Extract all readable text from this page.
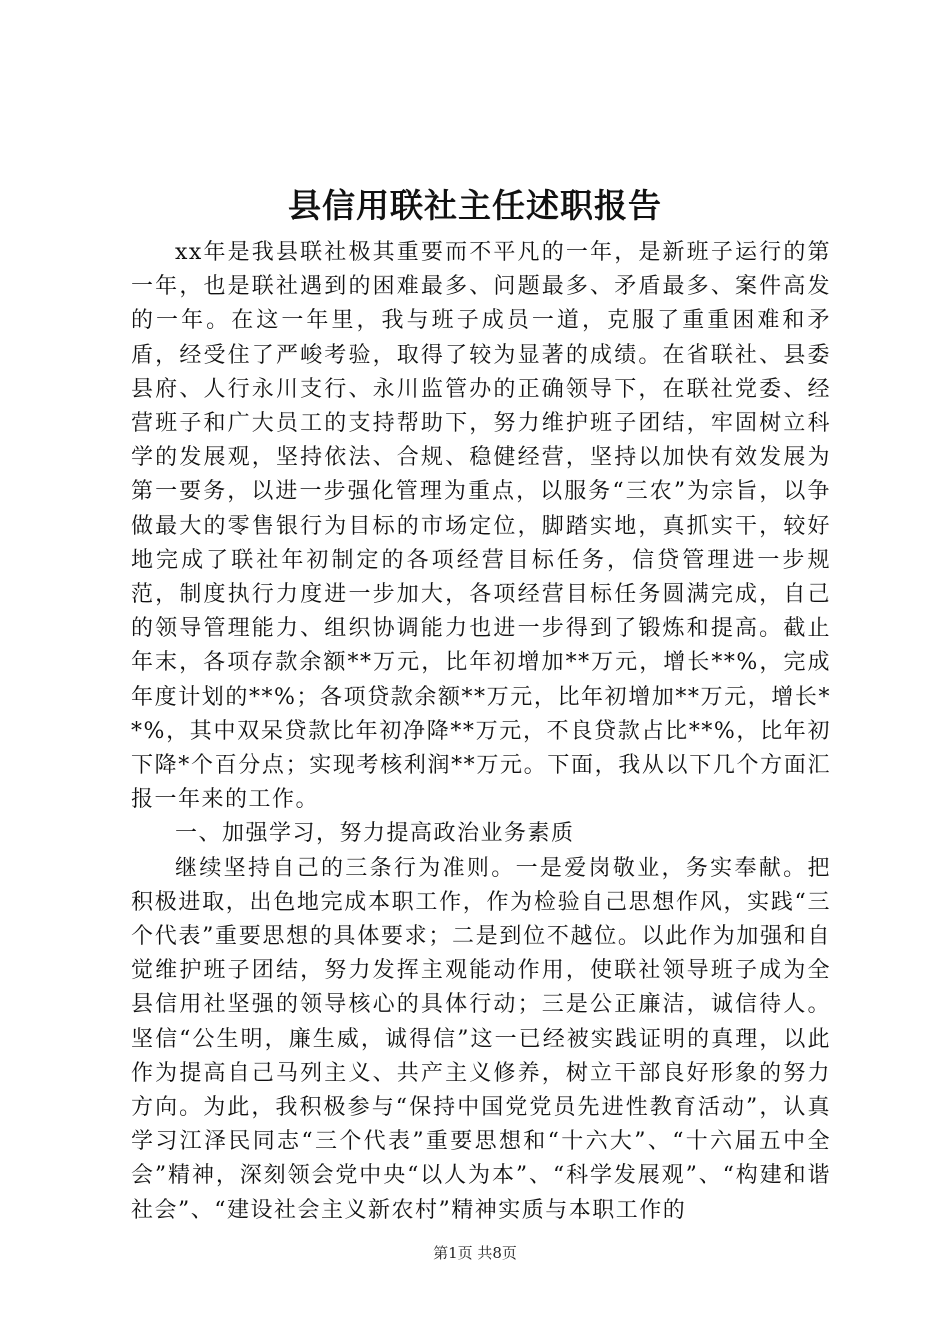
县信用联社主任述职报告

xx年是我县联社极其重要而不平凡的一年，是新班子运行的第一年，也是联社遇到的困难最多、问题最多、矛盾最多、案件高发的一年。在这一年里，我与班子成员一道，克服了重重困难和矛盾，经受住了严峻考验，取得了较为显著的成绩。在省联社、县委县府、人行永川支行、永川监管办的正确领导下，在联社党委、经营班子和广大员工的支持帮助下，努力维护班子团结，牢固树立科学的发展观，坚持依法、合规、稳健经营，坚持以加快有效发展为第一要务，以进一步强化管理为重点，以服务“三农”为宗旨，以争做最大的零售银行为目标的市场定位，脚踏实地，真抓实干，较好地完成了联社年初制定的各项经营目标任务，信贷管理进一步规范，制度执行力度进一步加大，各项经营目标任务圆满完成，自己的领导管理能力、组织协调能力也进一步得到了锻炼和提高。截止年末，各项存款余额**万元，比年初增加**万元，增长**%，完成年度计划的**%；各项贷款余额**万元，比年初增加**万元，增长**%，其中双呆贷款比年初净降**万元，不良贷款占比**%，比年初下降*个百分点；实现考核利润**万元。下面，我从以下几个方面汇报一年来的工作。

一、加强学习，努力提高政治业务素质

继续坚持自己的三条行为准则。一是爱岗敬业，务实奉献。把积极进取，出色地完成本职工作，作为检验自己思想作风，实践“三个代表”重要思想的具体要求；二是到位不越位。以此作为加强和自觉维护班子团结，努力发挥主观能动作用，使联社领导班子成为全县信用社坚强的领导核心的具体行动；三是公正廉洁，诚信待人。坚信“公生明，廉生威，诚得信”这一已经被实践证明的真理，以此作为提高自己马列主义、共产主义修养，树立干部良好形象的努力方向。为此，我积极参与“保持中国党党员先进性教育活动”，认真学习江泽民同志“三个代表”重要思想和“十六大”、“十六届五中全会”精神，深刻领会党中央“以人为本”、“科学发展观”、“构建和谐社会”、“建设社会主义新农村”精神实质与本职工作的

第1页 共8页
